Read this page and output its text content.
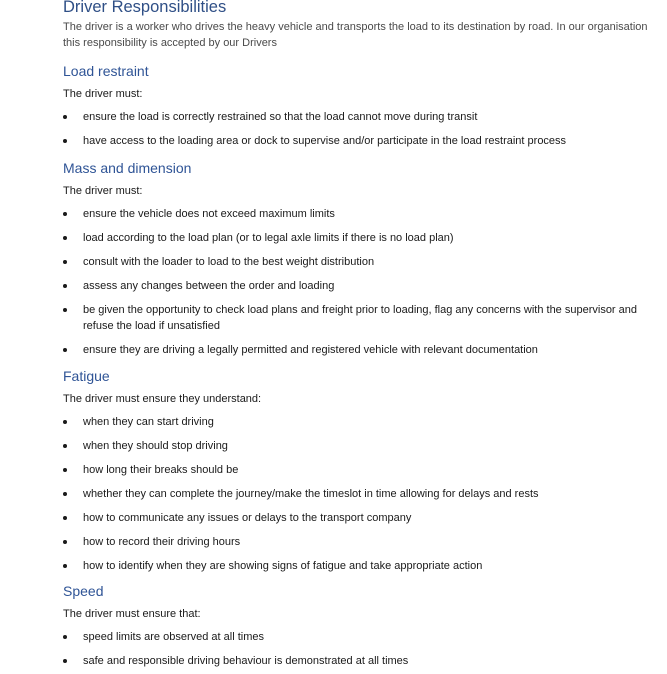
Driver Responsibilities

The driver is a worker who drives the heavy vehicle and transports the load to its destination by road. In our organisation this responsibility is accepted by our Drivers

Load restraint

The driver must:

ensure the load is correctly restrained so that the load cannot move during transit
have access to the loading area or dock to supervise and/or participate in the load restraint process
Mass and dimension

The driver must:

ensure the vehicle does not exceed maximum limits
load according to the load plan (or to legal axle limits if there is no load plan)
consult with the loader to load to the best weight distribution
assess any changes between the order and loading
be given the opportunity to check load plans and freight prior to loading, flag any concerns with the supervisor and refuse the load if unsatisfied
ensure they are driving a legally permitted and registered vehicle with relevant documentation
Fatigue

The driver must ensure they understand:

when they can start driving
when they should stop driving
how long their breaks should be
whether they can complete the journey/make the timeslot in time allowing for delays and rests
how to communicate any issues or delays to the transport company
how to record their driving hours
how to identify when they are showing signs of fatigue and take appropriate action
Speed

The driver must ensure that:

speed limits are observed at all times
safe and responsible driving behaviour is demonstrated at all times
